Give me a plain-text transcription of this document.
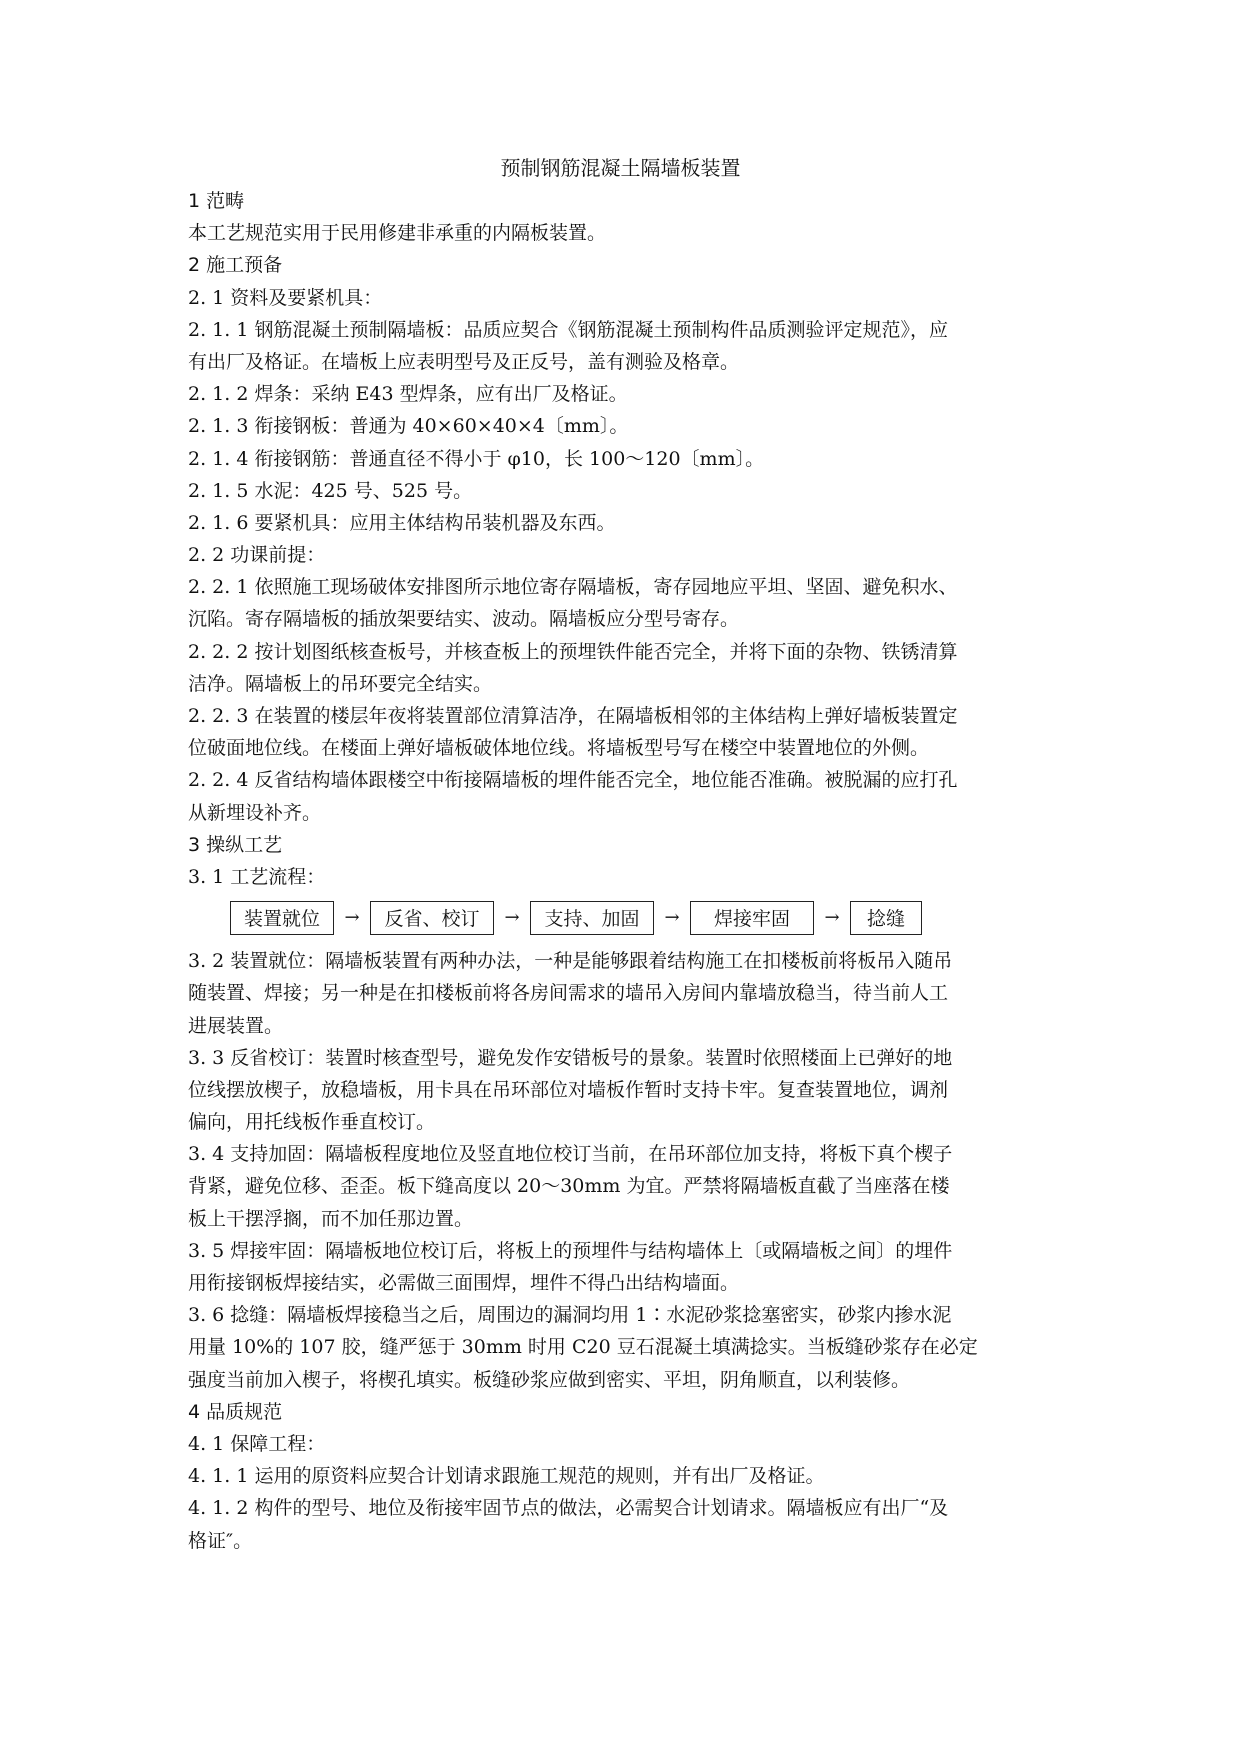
预制钢筋混凝土隔墙板装置
1 范畴
本工艺规范实用于民用修建非承重的内隔板装置。
2 施工预备
2. 1 资料及要紧机具：
2. 1. 1 钢筋混凝土预制隔墙板：品质应契合《钢筋混凝土预制构件品质测验评定规范》，应
有出厂及格证。在墙板上应表明型号及正反号，盖有测验及格章。
2. 1. 2 焊条：采纳 E43 型焊条，应有出厂及格证。
2. 1. 3 衔接钢板：普通为 40×60×40×4〔mm〕。
2. 1. 4 衔接钢筋：普通直径不得小于 φ10，长 100～120〔mm〕。
2. 1. 5 水泥：425 号、525 号。
2. 1. 6 要紧机具：应用主体结构吊装机器及东西。
2. 2 功课前提：
2. 2. 1 依照施工现场破体安排图所示地位寄存隔墙板，寄存园地应平坦、坚固、避免积水、
沉陷。寄存隔墙板的插放架要结实、波动。隔墙板应分型号寄存。
2. 2. 2 按计划图纸核查板号，并核查板上的预埋铁件能否完全，并将下面的杂物、铁锈清算
洁净。隔墙板上的吊环要完全结实。
2. 2. 3 在装置的楼层年夜将装置部位清算洁净，在隔墙板相邻的主体结构上弹好墙板装置定
位破面地位线。在楼面上弹好墙板破体地位线。将墙板型号写在楼空中装置地位的外侧。
2. 2. 4 反省结构墙体跟楼空中衔接隔墙板的埋件能否完全，地位能否准确。被脱漏的应打孔
从新埋设补齐。
3 操纵工艺
3. 1 工艺流程：
装置就位	→	反省、校订	→	支持、加固	→	焊接牢固	→	捻缝
3. 2 装置就位：隔墙板装置有两种办法，一种是能够跟着结构施工在扣楼板前将板吊入随吊
随装置、焊接；另一种是在扣楼板前将各房间需求的墙吊入房间内靠墙放稳当，待当前人工
进展装置。
3. 3 反省校订：装置时核查型号，避免发作安错板号的景象。装置时依照楼面上已弹好的地
位线摆放楔子，放稳墙板，用卡具在吊环部位对墙板作暂时支持卡牢。复查装置地位，调剂
偏向，用托线板作垂直校订。
3. 4 支持加固：隔墙板程度地位及竖直地位校订当前，在吊环部位加支持，将板下真个楔子
背紧，避免位移、歪歪。板下缝高度以 20～30mm 为宜。严禁将隔墙板直截了当座落在楼
板上干摆浮搁，而不加任那边置。
3. 5 焊接牢固：隔墙板地位校订后，将板上的预埋件与结构墙体上〔或隔墙板之间〕的埋件
用衔接钢板焊接结实，必需做三面围焊，埋件不得凸出结构墙面。
3. 6 捻缝：隔墙板焊接稳当之后，周围边的漏洞均用 1∶水泥砂浆捻塞密实，砂浆内掺水泥
用量 10%的 107 胶，缝严惩于 30mm 时用 C20 豆石混凝土填满捻实。当板缝砂浆存在必定
强度当前加入楔子，将楔孔填实。板缝砂浆应做到密实、平坦，阴角顺直，以利装修。
4 品质规范
4. 1 保障工程：
4. 1. 1 运用的原资料应契合计划请求跟施工规范的规则，并有出厂及格证。
4. 1. 2 构件的型号、地位及衔接牢固节点的做法，必需契合计划请求。隔墙板应有出厂“及
格证″。
